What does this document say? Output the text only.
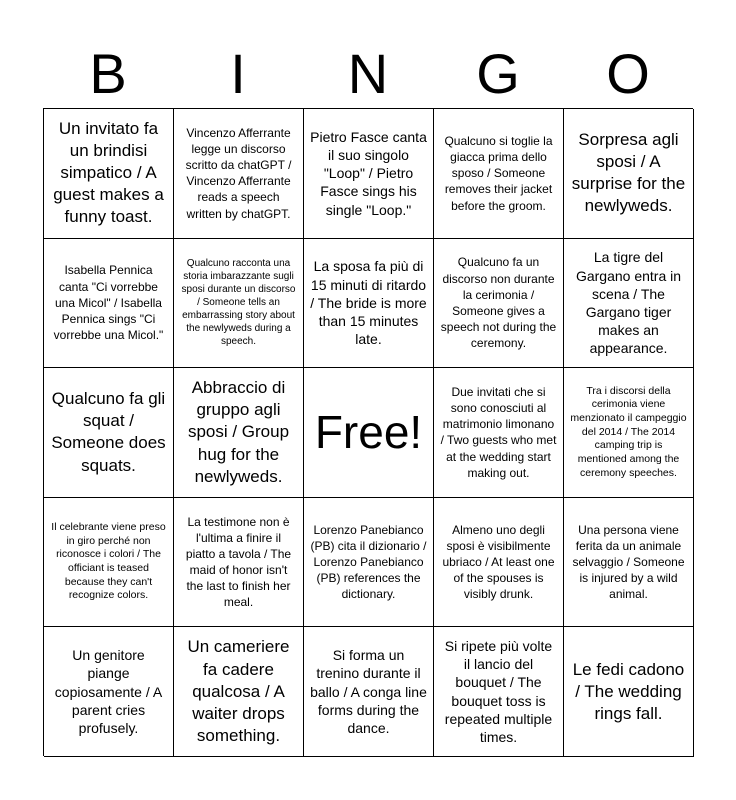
B	I	N	G	O
Un invitato fa un brindisi simpatico / A guest makes a funny toast.
Vincenzo Afferrante legge un discorso scritto da chatGPT / Vincenzo Afferrante reads a speech written by chatGPT.
Pietro Fasce canta il suo singolo "Loop" / Pietro Fasce sings his single "Loop."
Qualcuno si toglie la giacca prima dello sposo / Someone removes their jacket before the groom.
Sorpresa agli sposi / A surprise for the newlyweds.
Isabella Pennica canta "Ci vorrebbe una Micol" / Isabella Pennica sings "Ci vorrebbe una Micol."
Qualcuno racconta una storia imbarazzante sugli sposi durante un discorso / Someone tells an embarrassing story about the newlyweds during a speech.
La sposa fa più di 15 minuti di ritardo / The bride is more than 15 minutes late.
Qualcuno fa un discorso non durante la cerimonia / Someone gives a speech not during the ceremony.
La tigre del Gargano entra in scena / The Gargano tiger makes an appearance.
Qualcuno fa gli squat / Someone does squats.
Abbraccio di gruppo agli sposi / Group hug for the newlyweds.
Free!
Due invitati che si sono conosciuti al matrimonio limonano / Two guests who met at the wedding start making out.
Tra i discorsi della cerimonia viene menzionato il campeggio del 2014 / The 2014 camping trip is mentioned among the ceremony speeches.
Il celebrante viene preso in giro perché non riconosce i colori / The officiant is teased because they can't recognize colors.
La testimone non è l'ultima a finire il piatto a tavola / The maid of honor isn't the last to finish her meal.
Lorenzo Panebianco (PB) cita il dizionario / Lorenzo Panebianco (PB) references the dictionary.
Almeno uno degli sposi è visibilmente ubriaco / At least one of the spouses is visibly drunk.
Una persona viene ferita da un animale selvaggio / Someone is injured by a wild animal.
Un genitore piange copiosamente / A parent cries profusely.
Un cameriere fa cadere qualcosa / A waiter drops something.
Si forma un trenino durante il ballo / A conga line forms during the dance.
Si ripete più volte il lancio del bouquet / The bouquet toss is repeated multiple times.
Le fedi cadono / The wedding rings fall.
